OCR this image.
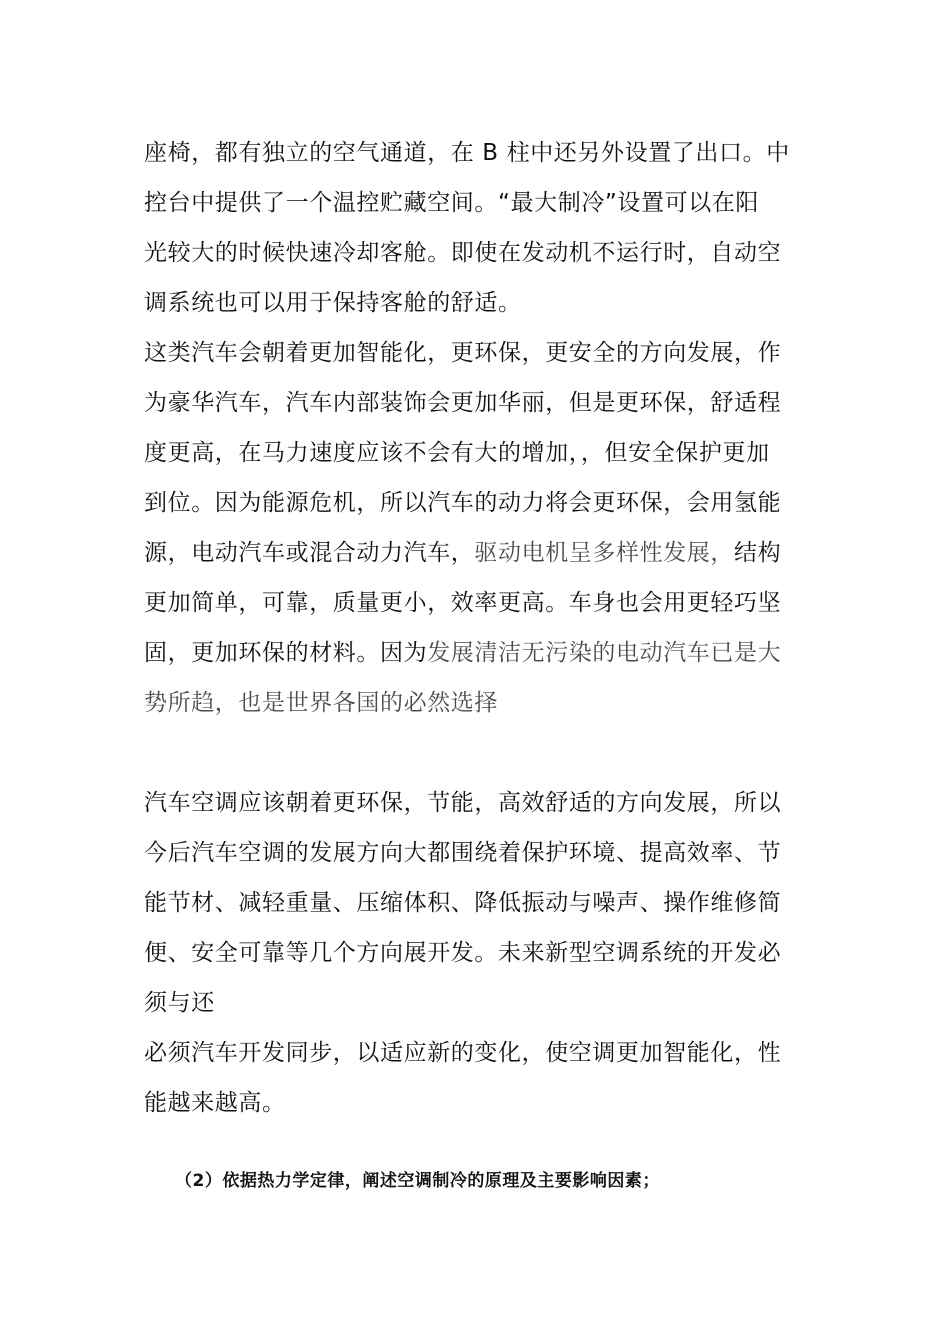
座椅，都有独立的空气通道，在 B 柱中还另外设置了出口。中
控台中提供了一个温控贮藏空间。“最大制冷”设置可以在阳
光较大的时候快速冷却客舱。即使在发动机不运行时，自动空
调系统也可以用于保持客舱的舒适。
这类汽车会朝着更加智能化，更环保，更安全的方向发展，作
为豪华汽车，汽车内部装饰会更加华丽，但是更环保，舒适程
度更高，在马力速度应该不会有大的增加，，但安全保护更加
到位。因为能源危机，所以汽车的动力将会更环保，会用氢能
源，电动汽车或混合动力汽车，驱动电机呈多样性发展，结构
更加简单，可靠，质量更小，效率更高。车身也会用更轻巧坚
固，更加环保的材料。因为发展清洁无污染的电动汽车已是大
势所趋，也是世界各国的必然选择
汽车空调应该朝着更环保，节能，高效舒适的方向发展，所以
今后汽车空调的发展方向大都围绕着保护环境、提高效率、节
能节材、减轻重量、压缩体积、降低振动与噪声、操作维修简
便、安全可靠等几个方向展开发。未来新型空调系统的开发必
须与还
必须汽车开发同步，以适应新的变化，使空调更加智能化，性
能越来越高。
（2）依据热力学定律，阐述空调制冷的原理及主要影响因素；
